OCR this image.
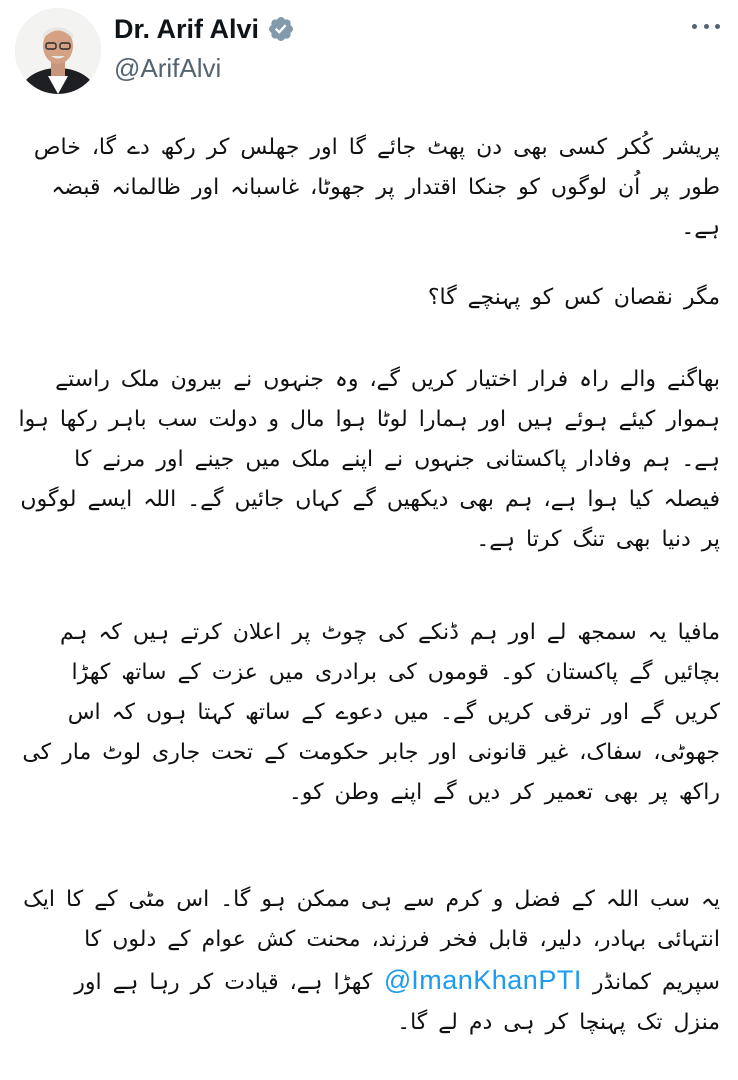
Dr. Arif Alvi
@ArifAlvi

پریشر کُکر کسی بھی دن پھٹ جائے گا اور جھلس کر رکھ دے گا، خاص طور پر اُن لوگوں کو جنکا اقتدار پر جھوٹا، غاسبانہ اور ظالمانہ قبضہ ہے۔

مگر نقصان کس کو پہنچے گا؟

بھاگنے والے راہ فرار اختیار کریں گے، وہ جنہوں نے بیرون ملک راستے ہموار کیئے ہوئے ہیں اور ہمارا لوٹا ہوا مال و دولت سب باہر رکھا ہوا ہے۔ ہم وفادار پاکستانی جنہوں نے اپنے ملک میں جینے اور مرنے کا فیصلہ کیا ہوا ہے، ہم بھی دیکھیں گے کہاں جائیں گے۔ اللہ ایسے لوگوں پر دنیا بھی تنگ کرتا ہے۔

مافیا یہ سمجھ لے اور ہم ڈنکے کی چوٹ پر اعلان کرتے ہیں کہ ہم بچائیں گے پاکستان کو۔ قوموں کی برادری میں عزت کے ساتھ کھڑا کریں گے اور ترقی کریں گے۔ میں دعوے کے ساتھ کہتا ہوں کہ اس جھوٹی، سفاک، غیر قانونی اور جابر حکومت کے تحت جاری لوٹ مار کی راکھ پر بھی تعمیر کر دیں گے اپنے وطن کو۔

یہ سب اللہ کے فضل و کرم سے ہی ممکن ہو گا۔ اس مٹی کے کا ایک انتہائی بہادر، دلیر، قابل فخر فرزند، محنت کش عوام کے دلوں کا سپریم کمانڈر @ImanKhanPTI کھڑا ہے، قیادت کر رہا ہے اور منزل تک پہنچا کر ہی دم لے گا۔
